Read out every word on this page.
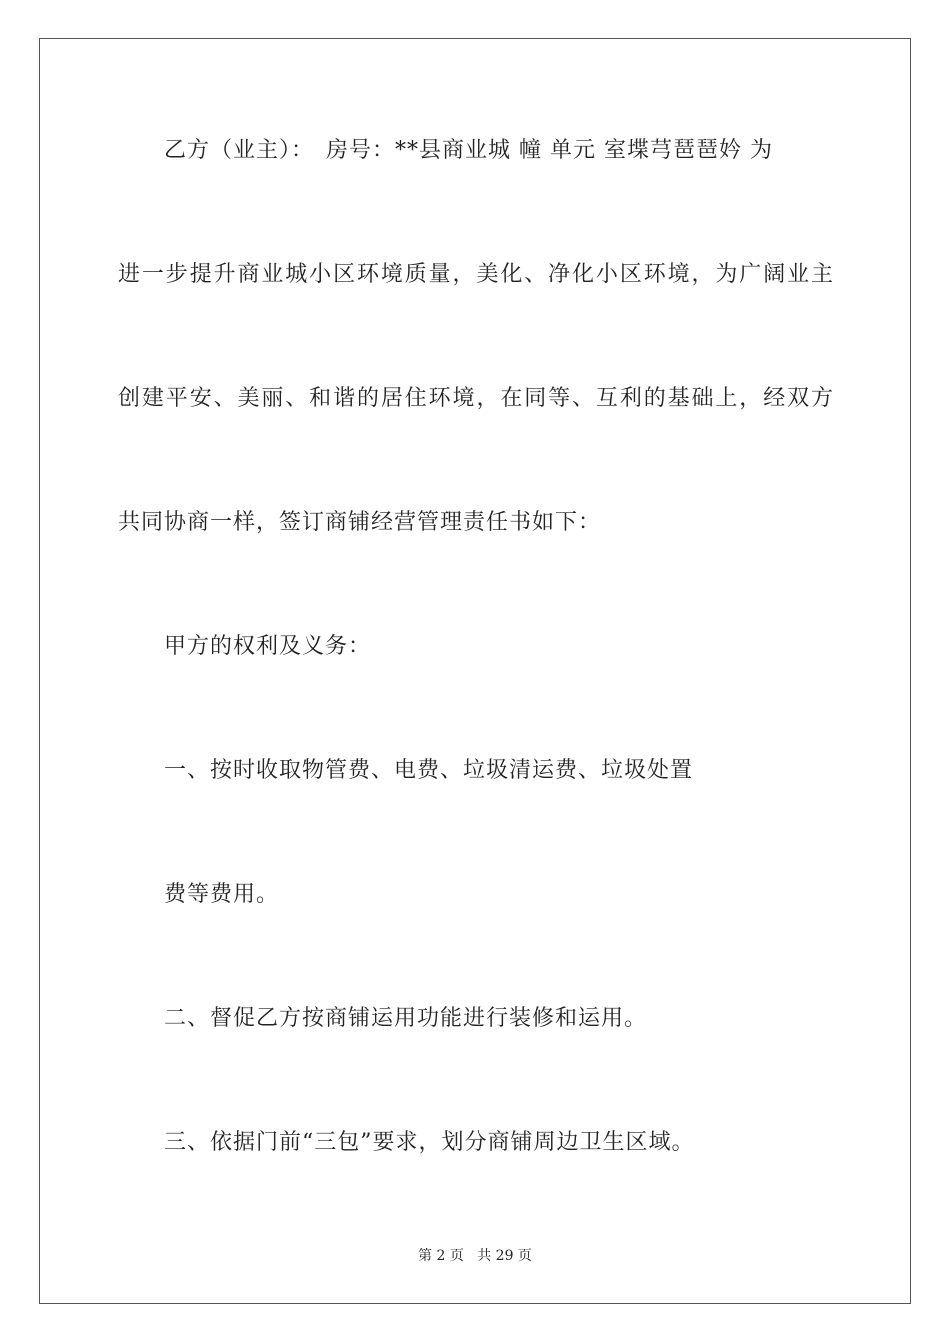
乙方（业主）：　房号：**县商业城 幢 单元 室堞芎琶琶妗 为
进一步提升商业城小区环境质量，美化、净化小区环境，为广阔业主
创建平安、美丽、和谐的居住环境，在同等、互利的基础上，经双方
共同协商一样，签订商铺经营管理责任书如下：
甲方的权利及义务：
一、按时收取物管费、电费、垃圾清运费、垃圾处置
费等费用。
二、督促乙方按商铺运用功能进行装修和运用。
三、依据门前“三包”要求，划分商铺周边卫生区域。
第 2 页 共 29 页
